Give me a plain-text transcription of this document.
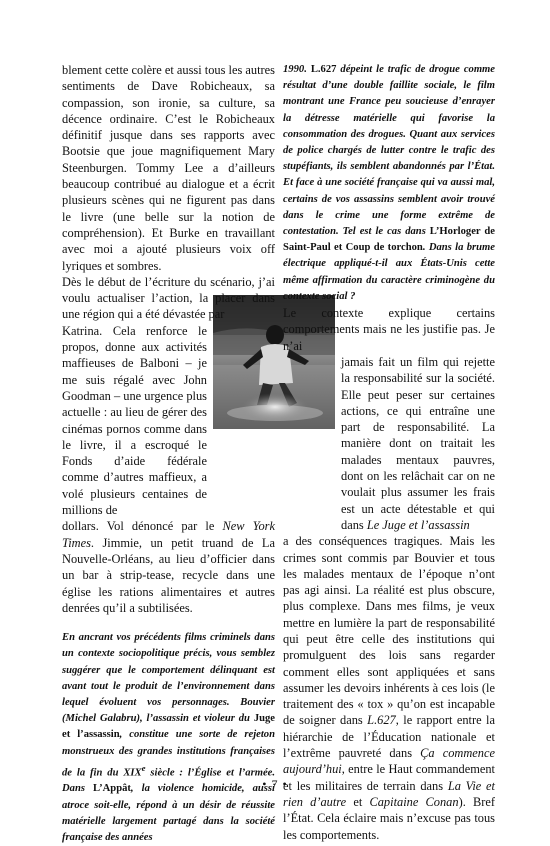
blement cette colère et aussi tous les autres sentiments de Dave Robicheaux, sa compassion, son ironie, sa culture, sa décence ordinaire. C’est le Robicheaux définitif jusque dans ses rapports avec Bootsie que joue magnifiquement Mary Steenburgen. Tommy Lee a d’ailleurs beaucoup contribué au dialogue et a écrit plusieurs scènes qui ne figurent pas dans le livre (une belle sur la notion de compréhension). Et Burke en travaillant avec moi a ajouté plusieurs voix off lyriques et sombres.

Dès le début de l’écriture du scénario, j’ai voulu actualiser l’action, la placer dans une région qui a été dévastée par

Katrina. Cela renforce le propos, donne aux activités maffieuses de Balboni – je me suis régalé avec John Goodman – une urgence plus actuelle : au lieu de gérer des cinémas pornos comme dans le livre, il a escroqué le Fonds d’aide fédérale comme d’autres maffieux, a volé plusieurs centaines de millions de

dollars. Vol dénoncé par le New York Times. Jimmie, un petit truand de La Nouvelle-Orléans, au lieu d’officier dans un bar à strip-tease, recycle dans une église les rations alimentaires et autres denrées qu’il a subtilisées.

En ancrant vos précédents films criminels dans un contexte sociopolitique précis, vous semblez suggérer que le comportement délinquant est avant tout le produit de l’environnement dans lequel évoluent vos personnages. Bouvier (Michel Galabru), l’assassin et violeur du Juge et l’assassin, constitue une sorte de rejeton monstrueux des grandes institutions françaises de la fin du XIXe siècle : l’Église et l’armée. Dans L’Appât, la violence homicide, aussi atroce soit-elle, répond à un désir de réussite matérielle largement partagé dans la société française des années

1990. L.627 dépeint le trafic de drogue comme résultat d’une double faillite sociale, le film montrant une France peu soucieuse d’enrayer la détresse matérielle qui favorise la consommation des drogues. Quant aux services de police chargés de lutter contre le trafic des stupéfiants, ils semblent abandonnés par l’État. Et face à une société française qui va aussi mal, certains de vos assassins semblent avoir trouvé dans le crime une forme extrême de contestation. Tel est le cas dans L’Horloger de Saint-Paul et Coup de torchon. Dans la brume électrique appliqué-t-il aux États-Unis cette même affirmation du caractère criminogène du contexte social ?

Le contexte explique certains comportements mais ne les justifie pas. Je n’ai

jamais fait un film qui rejette la responsabilité sur la société. Elle peut peser sur certaines actions, ce qui entraîne une part de responsabilité. La manière dont on traitait les malades mentaux pauvres, dont on les relâchait car on ne voulait plus assumer les frais est un acte détestable et qui dans Le Juge et l’assassin

a des conséquences tragiques. Mais les crimes sont commis par Bouvier et tous les malades mentaux de l’époque n’ont pas agi ainsi. La réalité est plus obscure, plus complexe. Dans mes films, je veux mettre en lumière la part de responsabilité qui peut être celle des institutions qui promulguent des lois sans regarder comment elles sont appliquées et sans assumer les devoirs inhérents à ces lois (le traitement des « tox » qu’on est incapable de soigner dans L.627, le rapport entre la hiérarchie de l’Éducation nationale et l’extrême pauvreté dans Ça commence aujourd’hui, entre le Haut commandement et les militaires de terrain dans La Vie et rien d’autre et Capitaine Conan). Bref l’État. Cela éclaire mais n’excuse pas tous les comportements.

• 7 •
